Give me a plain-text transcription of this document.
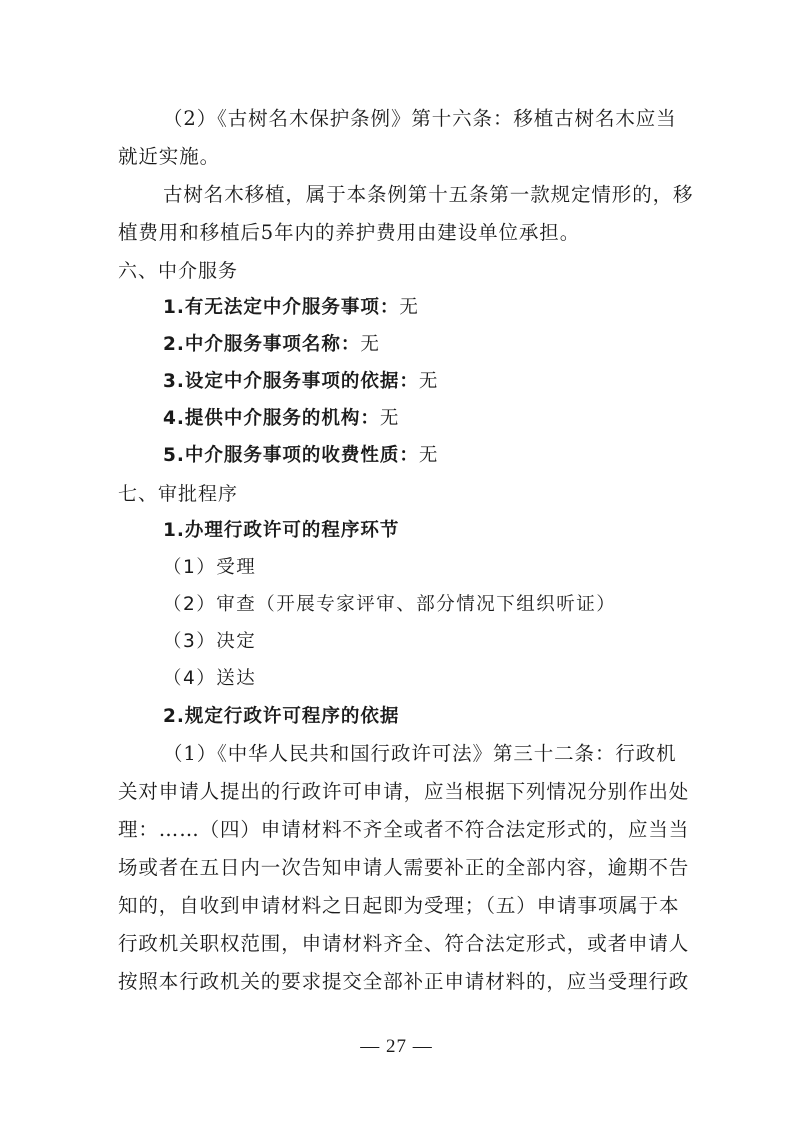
（2）《古树名木保护条例》第十六条：移植古树名木应当
就近实施。
古树名木移植，属于本条例第十五条第一款规定情形的，移
植费用和移植后5年内的养护费用由建设单位承担。
六、中介服务
1.有无法定中介服务事项：无
2.中介服务事项名称：无
3.设定中介服务事项的依据：无
4.提供中介服务的机构：无
5.中介服务事项的收费性质：无
七、审批程序
1.办理行政许可的程序环节
（1）受理
（2）审查（开展专家评审、部分情况下组织听证）
（3）决定
（4）送达
2.规定行政许可程序的依据
（1）《中华人民共和国行政许可法》第三十二条：行政机
关对申请人提出的行政许可申请，应当根据下列情况分别作出处
理：……（四）申请材料不齐全或者不符合法定形式的，应当当
场或者在五日内一次告知申请人需要补正的全部内容，逾期不告
知的，自收到申请材料之日起即为受理；（五）申请事项属于本
行政机关职权范围，申请材料齐全、符合法定形式，或者申请人
按照本行政机关的要求提交全部补正申请材料的，应当受理行政
— 27 —
